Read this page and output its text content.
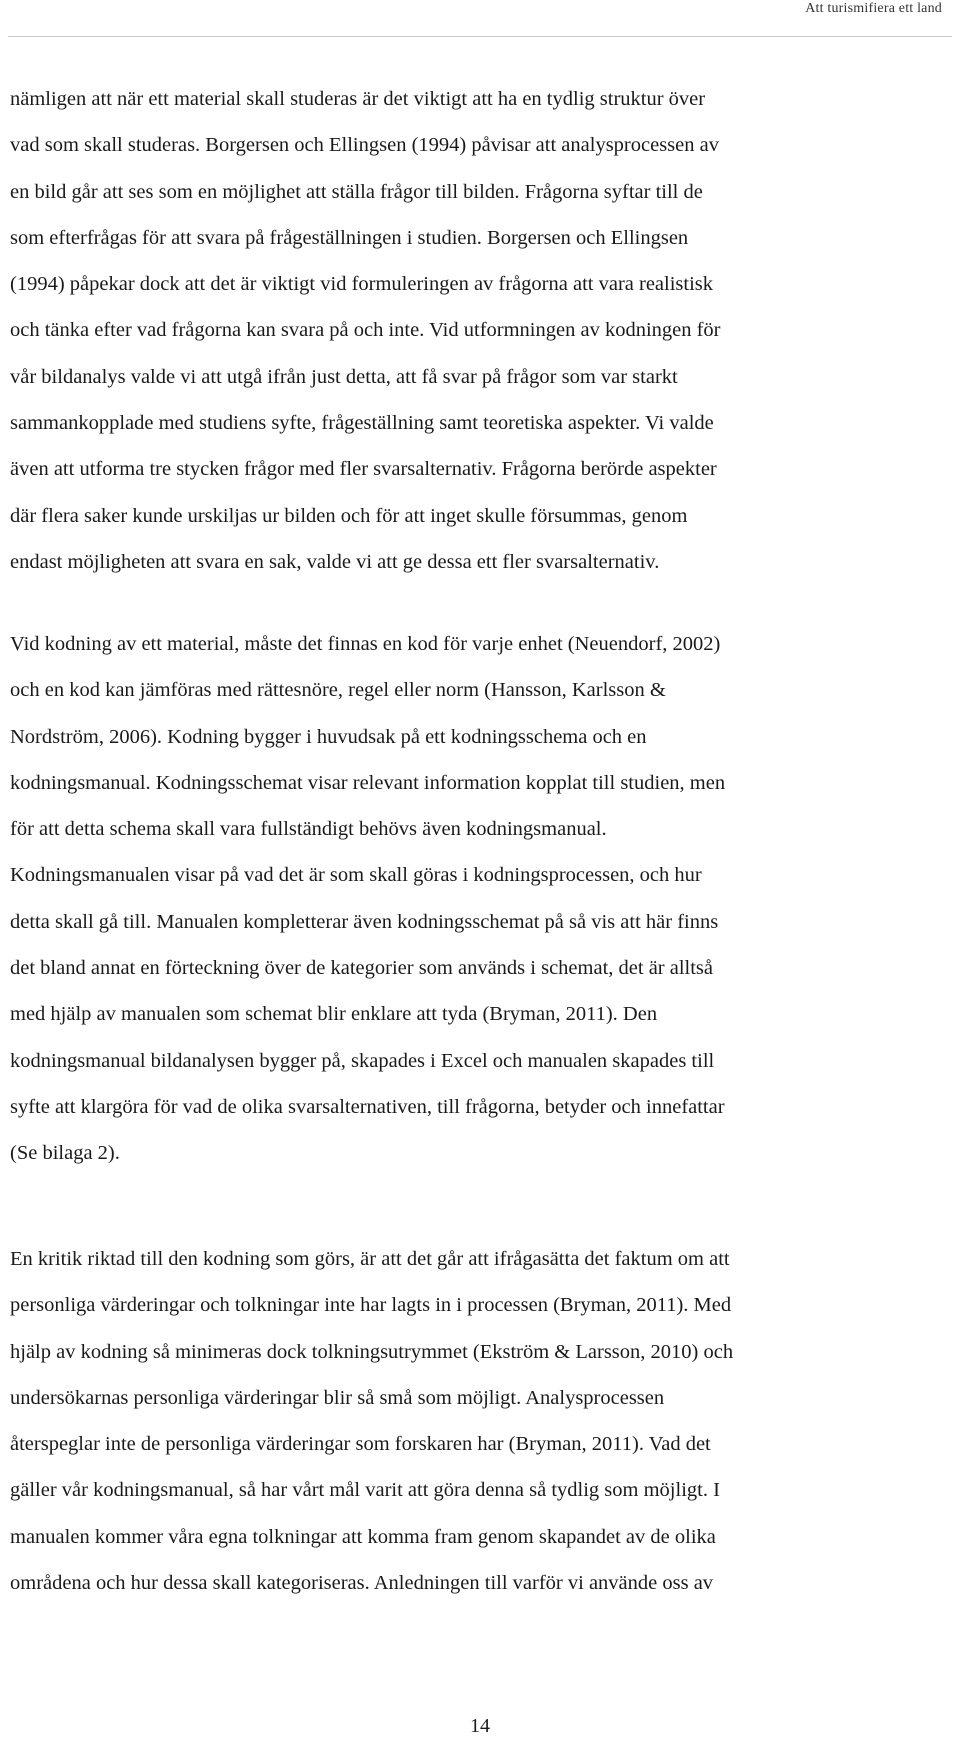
Att turismifiera ett land

nämligen att när ett material skall studeras är det viktigt att ha en tydlig struktur över
vad som skall studeras. Borgersen och Ellingsen (1994) påvisar att analysprocessen av
en bild går att ses som en möjlighet att ställa frågor till bilden. Frågorna syftar till de
som efterfrågas för att svara på frågeställningen i studien. Borgersen och Ellingsen
(1994) påpekar dock att det är viktigt vid formuleringen av frågorna att vara realistisk
och tänka efter vad frågorna kan svara på och inte. Vid utformningen av kodningen för
vår bildanalys valde vi att utgå ifrån just detta, att få svar på frågor som var starkt
sammankopplade med studiens syfte, frågeställning samt teoretiska aspekter. Vi valde
även att utforma tre stycken frågor med fler svarsalternativ. Frågorna berörde aspekter
där flera saker kunde urskiljas ur bilden och för att inget skulle försummas, genom
endast möjligheten att svara en sak, valde vi att ge dessa ett fler svarsalternativ.

Vid kodning av ett material, måste det finnas en kod för varje enhet (Neuendorf, 2002)
och en kod kan jämföras med rättesnöre, regel eller norm (Hansson, Karlsson &
Nordström, 2006). Kodning bygger i huvudsak på ett kodningsschema och en
kodningsmanual. Kodningsschemat visar relevant information kopplat till studien, men
för att detta schema skall vara fullständigt behövs även kodningsmanual.
Kodningsmanualen visar på vad det är som skall göras i kodningsprocessen, och hur
detta skall gå till. Manualen kompletterar även kodningsschemat på så vis att här finns
det bland annat en förteckning över de kategorier som används i schemat, det är alltså
med hjälp av manualen som schemat blir enklare att tyda (Bryman, 2011). Den
kodningsmanual bildanalysen bygger på, skapades i Excel och manualen skapades till
syfte att klargöra för vad de olika svarsalternativen, till frågorna, betyder och innefattar
(Se bilaga 2).

En kritik riktad till den kodning som görs, är att det går att ifrågasätta det faktum om att
personliga värderingar och tolkningar inte har lagts in i processen (Bryman, 2011). Med
hjälp av kodning så minimeras dock tolkningsutrymmet (Ekström & Larsson, 2010) och
undersökarnas personliga värderingar blir så små som möjligt. Analysprocessen
återspeglar inte de personliga värderingar som forskaren har (Bryman, 2011). Vad det
gäller vår kodningsmanual, så har vårt mål varit att göra denna så tydlig som möjligt. I
manualen kommer våra egna tolkningar att komma fram genom skapandet av de olika
områdena och hur dessa skall kategoriseras. Anledningen till varför vi använde oss av

14
